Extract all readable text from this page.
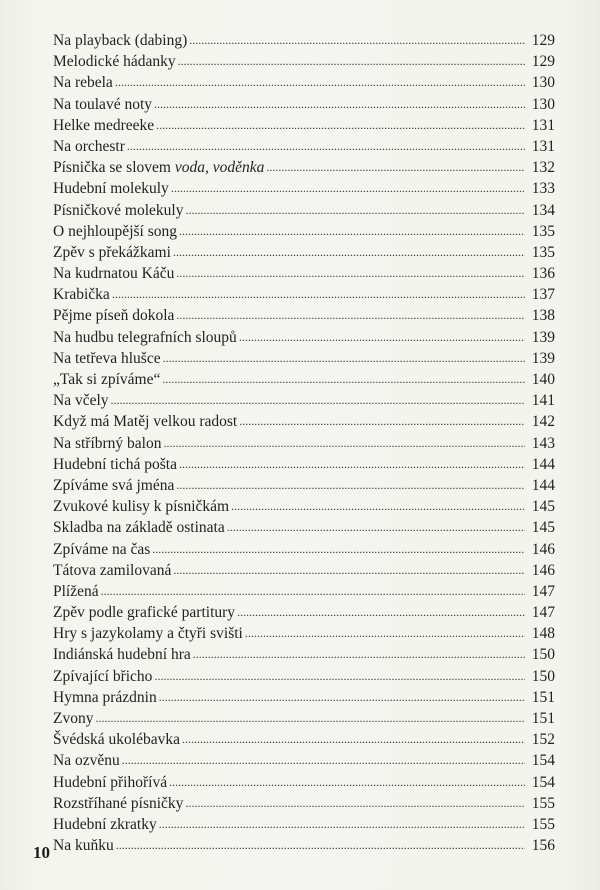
Na playback (dabing) .....	129
Melodické hádanky .....	129
Na rebela .....	130
Na toulavé noty .....	130
Helke medreeke .....	131
Na orchestr .....	131
Písnička se slovem voda, voděnka .....	132
Hudební molekuly .....	133
Písničkové molekuly .....	134
O nejhloupější song .....	135
Zpěv s překážkami .....	135
Na kudrnatou Káču .....	136
Krabička .....	137
Pějme píseň dokola .....	138
Na hudbu telegrafních sloupů .....	139
Na tetřeva hlušce .....	139
„Tak si zpíváme“ .....	140
Na včely .....	141
Když má Matěj velkou radost .....	142
Na stříbrný balon .....	143
Hudební tichá pošta .....	144
Zpíváme svá jména .....	144
Zvukové kulisy k písničkám .....	145
Skladba na základě ostinata .....	145
Zpíváme na čas .....	146
Tátova zamilovaná .....	146
Plížená .....	147
Zpěv podle grafické partitury .....	147
Hry s jazykolamy a čtyři svišti .....	148
Indiánská hudební hra .....	150
Zpívající břicho .....	150
Hymna prázdnin .....	151
Zvony .....	151
Švédská ukolébavka .....	152
Na ozvěnu .....	154
Hudební přihořívá .....	154
Rozstříhané písničky .....	155
Hudební zkratky .....	155
Na kuňku .....	156
10
